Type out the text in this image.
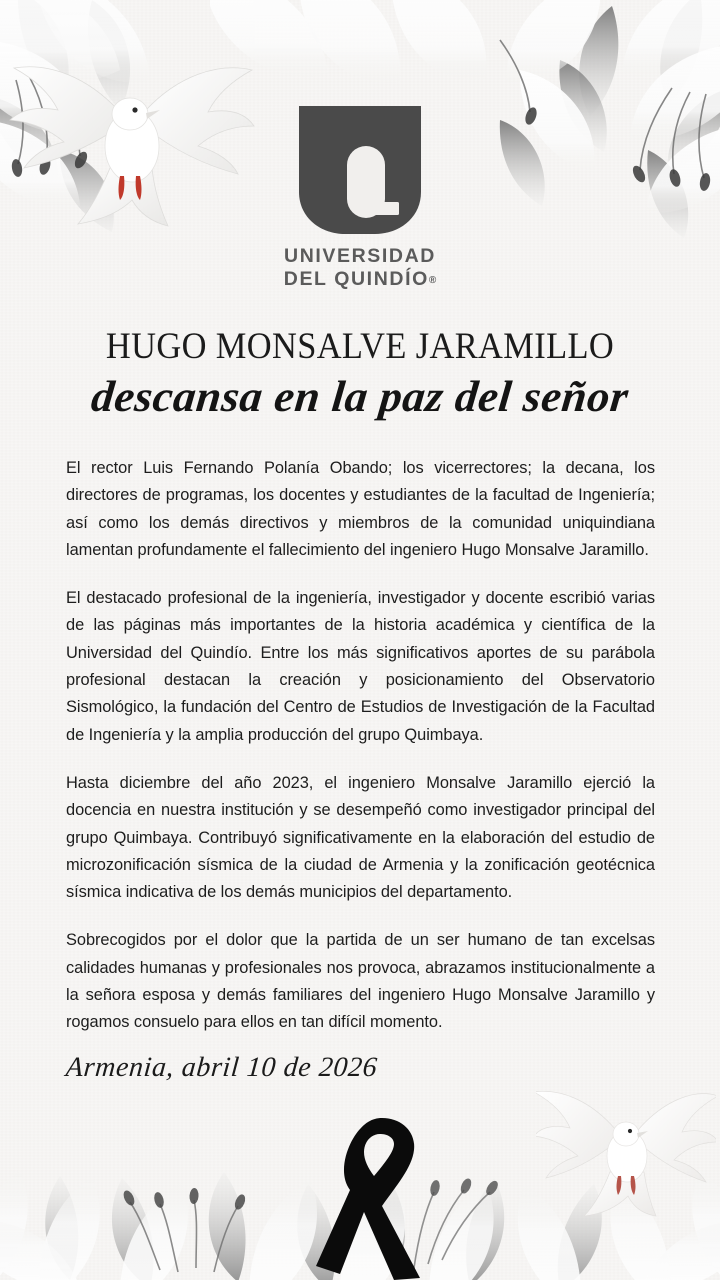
UNIVERSIDAD
DEL QUINDÍO®
HUGO MONSALVE JARAMILLO
descansa en la paz del señor

El rector Luis Fernando Polanía Obando; los vicerrectores; la decana, los directores de programas, los docentes y estudiantes de la facultad de Ingeniería; así como los demás directivos y miembros de la comunidad uniquindiana lamentan profundamente el fallecimiento del ingeniero Hugo Monsalve Jaramillo.

El destacado profesional de la ingeniería, investigador y docente escribió varias de las páginas más importantes de la historia académica y científica de la Universidad del Quindío. Entre los más significativos aportes de su parábola profesional destacan la creación y posicionamiento del Observatorio Sismológico, la fundación del Centro de Estudios de Investigación de la Facultad de Ingeniería y la amplia producción del grupo Quimbaya.

Hasta diciembre del año 2023, el ingeniero Monsalve Jaramillo ejerció la docencia en nuestra institución y se desempeñó como investigador principal del grupo Quimbaya. Contribuyó significativamente en la elaboración del estudio de microzonificación sísmica de la ciudad de Armenia y la zonificación geotécnica sísmica indicativa de los demás municipios del departamento.

Sobrecogidos por el dolor que la partida de un ser humano de tan excelsas calidades humanas y profesionales nos provoca, abrazamos institucionalmente a la señora esposa y demás familiares del ingeniero Hugo Monsalve Jaramillo y rogamos consuelo para ellos en tan difícil momento.

Armenia, abril 10 de 2026
